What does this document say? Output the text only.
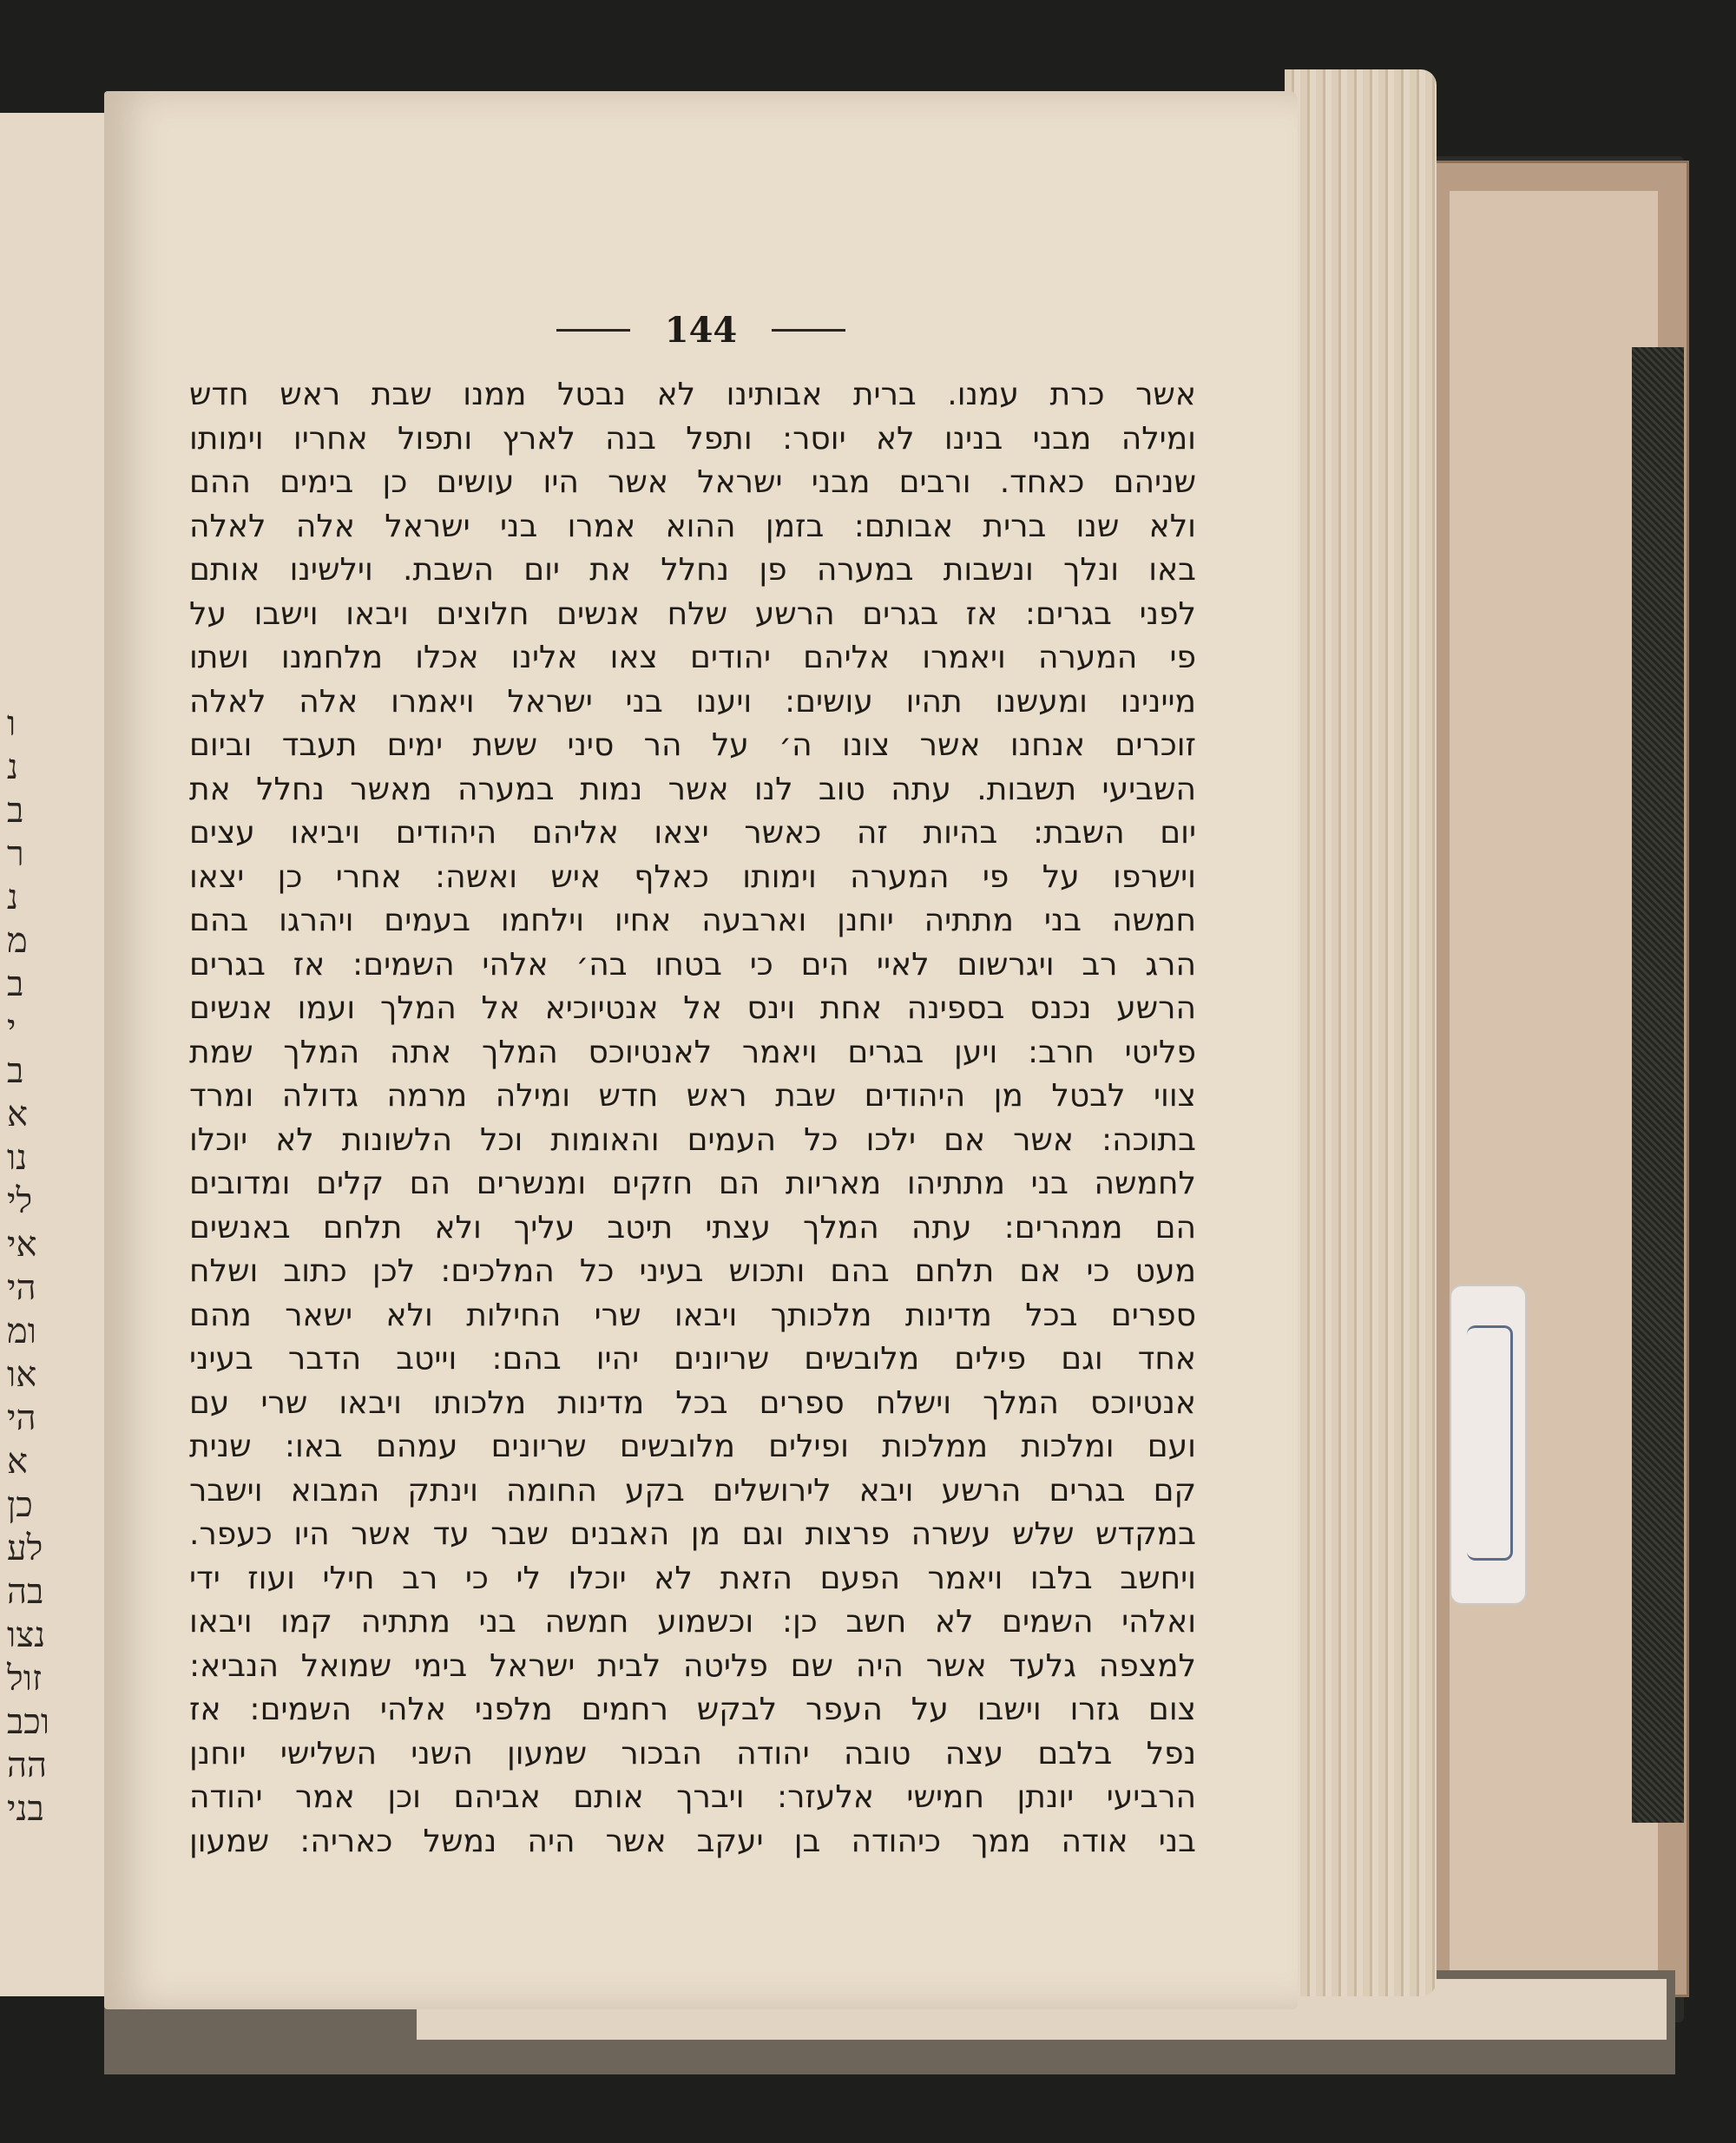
ו
נ
ב
ר
נ
מ
ב
י
ב
א
נו
לי
אי
הי
ומ
או
הי
א
כן
לע
בה
נצו
זול
וכב
הה
בני
144
אשר כרת עמנו. ברית אבותינו לא נבטל ממנו שבת ראש חדש
ומילה מבני בנינו לא יוסר: ותפל בנה לארץ ותפול אחריו וימותו
שניהם כאחד. ורבים מבני ישראל אשר היו עושים כן בימים ההם
ולא שנו ברית אבותם: בזמן ההוא אמרו בני ישראל אלה לאלה
באו ונלך ונשבות במערה פן נחלל את יום השבת. וילשינו אותם
לפני בגרים: אז בגרים הרשע שלח אנשים חלוצים ויבאו וישבו על
פי המערה ויאמרו אליהם יהודים צאו אלינו אכלו מלחמנו ושתו
מיינינו ומעשנו תהיו עושים: ויענו בני ישראל ויאמרו אלה לאלה
זוכרים אנחנו אשר צונו ה׳ על הר סיני ששת ימים תעבד וביום
השביעי תשבות. עתה טוב לנו אשר נמות במערה מאשר נחלל את
יום השבת: בהיות זה כאשר יצאו אליהם היהודים ויביאו עצים
וישרפו על פי המערה וימותו כאלף איש ואשה: אחרי כן יצאו
חמשה בני מתתיה יוחנן וארבעה אחיו וילחמו בעמים ויהרגו בהם
הרג רב ויגרשום לאיי הים כי בטחו בה׳ אלהי השמים: אז בגרים
הרשע נכנס בספינה אחת וינס אל אנטיוכיא אל המלך ועמו אנשים
פליטי חרב: ויען בגרים ויאמר לאנטיוכס המלך אתה המלך שמת
צווי לבטל מן היהודים שבת ראש חדש ומילה מרמה גדולה ומרד
בתוכה: אשר אם ילכו כל העמים והאומות וכל הלשונות לא יוכלו
לחמשה בני מתתיהו מאריות הם חזקים ומנשרים הם קלים ומדובים
הם ממהרים: עתה המלך עצתי תיטב עליך ולא תלחם באנשים
מעט כי אם תלחם בהם ותכוש בעיני כל המלכים: לכן כתוב ושלח
ספרים בכל מדינות מלכותך ויבאו שרי החילות ולא ישאר מהם
אחד וגם פילים מלובשים שריונים יהיו בהם: וייטב הדבר בעיני
אנטיוכס המלך וישלח ספרים בכל מדינות מלכותו ויבאו שרי עם
ועם ומלכות ממלכות ופילים מלובשים שריונים עמהם באו: שנית
קם בגרים הרשע ויבא לירושלים בקע החומה וינתק המבוא וישבר
במקדש שלש עשרה פרצות וגם מן האבנים שבר עד אשר היו כעפר.
ויחשב בלבו ויאמר הפעם הזאת לא יוכלו לי כי רב חילי ועוז ידי
ואלהי השמים לא חשב כן: וכשמוע חמשה בני מתתיה קמו ויבאו
למצפה גלעד אשר היה שם פליטה לבית ישראל בימי שמואל הנביא:
צום גזרו וישבו על העפר לבקש רחמים מלפני אלהי השמים: אז
נפל בלבם עצה טובה יהודה הבכור שמעון השני השלישי יוחנן
הרביעי יונתן חמישי אלעזר: ויברך אותם אביהם וכן אמר יהודה
בני אודה ממך כיהודה בן יעקב אשר היה נמשל כאריה: שמעון
